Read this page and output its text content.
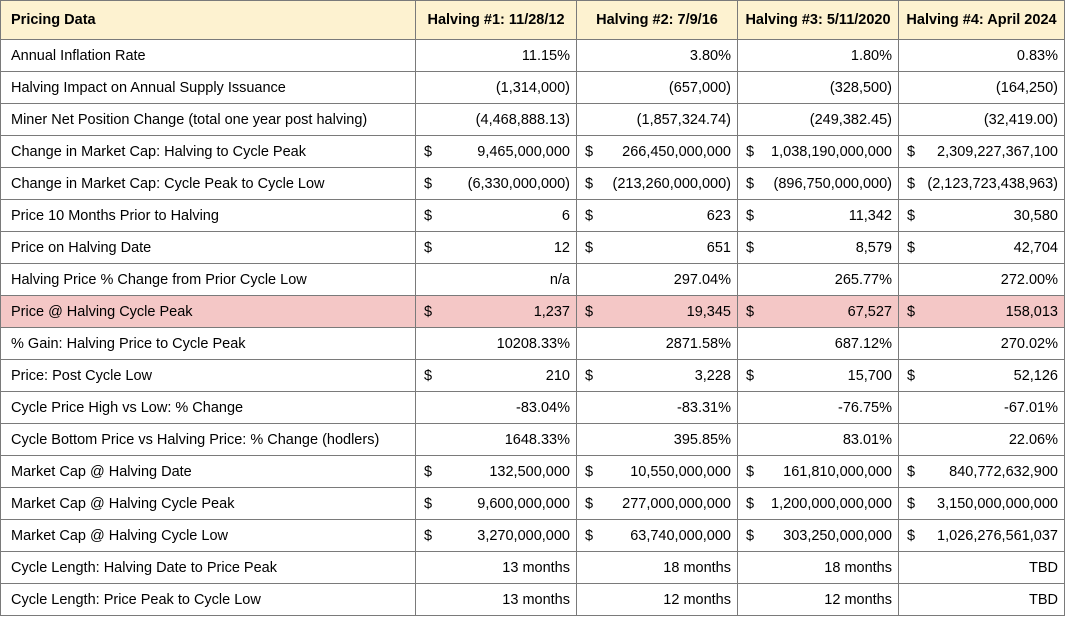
Pricing Data	Halving #1: 11/28/12	Halving #2: 7/9/16	Halving #3: 5/11/2020	Halving #4: April 2024
Annual Inflation Rate	11.15%	3.80%	1.80%	0.83%
Halving Impact on Annual Supply Issuance	(1,314,000)	(657,000)	(328,500)	(164,250)
Miner Net Position Change (total one year post halving)	(4,468,888.13)	(1,857,324.74)	(249,382.45)	(32,419.00)
Change in Market Cap: Halving to Cycle Peak	$ 9,465,000,000	$ 266,450,000,000	$ 1,038,190,000,000	$ 2,309,227,367,100
Change in Market Cap: Cycle Peak to Cycle Low	$ (6,330,000,000)	$ (213,260,000,000)	$ (896,750,000,000)	$ (2,123,723,438,963)
Price 10 Months Prior to Halving	$ 6	$ 623	$ 11,342	$ 30,580
Price on Halving Date	$ 12	$ 651	$ 8,579	$ 42,704
Halving Price % Change from Prior Cycle Low	n/a	297.04%	265.77%	272.00%
Price @ Halving Cycle Peak	$ 1,237	$ 19,345	$ 67,527	$ 158,013
% Gain: Halving Price to Cycle Peak	10208.33%	2871.58%	687.12%	270.02%
Price: Post Cycle Low	$ 210	$ 3,228	$ 15,700	$ 52,126
Cycle Price High vs Low: % Change	-83.04%	-83.31%	-76.75%	-67.01%
Cycle Bottom Price vs Halving Price: % Change (hodlers)	1648.33%	395.85%	83.01%	22.06%
Market Cap @ Halving Date	$ 132,500,000	$ 10,550,000,000	$ 161,810,000,000	$ 840,772,632,900
Market Cap @ Halving Cycle Peak	$ 9,600,000,000	$ 277,000,000,000	$ 1,200,000,000,000	$ 3,150,000,000,000
Market Cap @ Halving Cycle Low	$ 3,270,000,000	$ 63,740,000,000	$ 303,250,000,000	$ 1,026,276,561,037
Cycle Length: Halving Date to Price Peak	13 months	18 months	18 months	TBD
Cycle Length: Price Peak to Cycle Low	13 months	12 months	12 months	TBD
